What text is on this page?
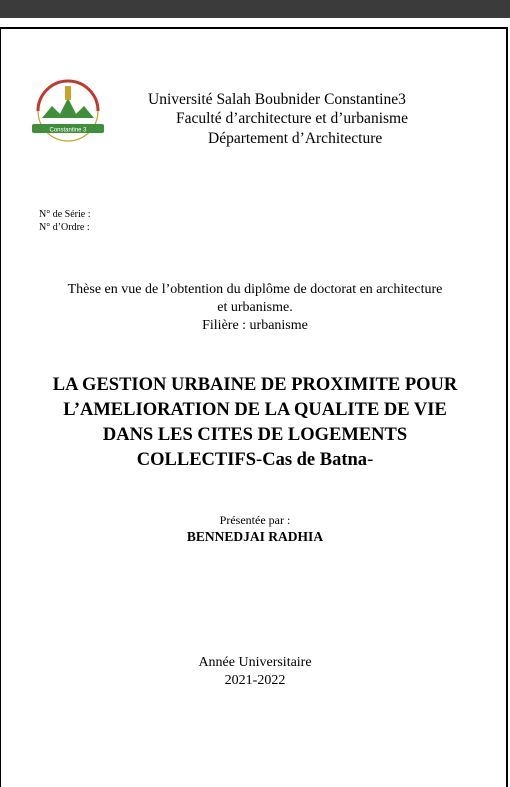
Constantine 3
Université Salah Boubnider Constantine3
Faculté d’architecture et d’urbanisme
Département d’Architecture
N° de Série :
N° d’Ordre :
Thèse en vue de l’obtention du diplôme de doctorat en architecture
et urbanisme.
Filière : urbanisme
LA GESTION URBAINE DE PROXIMITE POUR
L’AMELIORATION DE LA QUALITE DE VIE
DANS LES CITES DE LOGEMENTS
COLLECTIFS-Cas de Batna-
Présentée par :
BENNEDJAI RADHIA
Année Universitaire
2021-2022
